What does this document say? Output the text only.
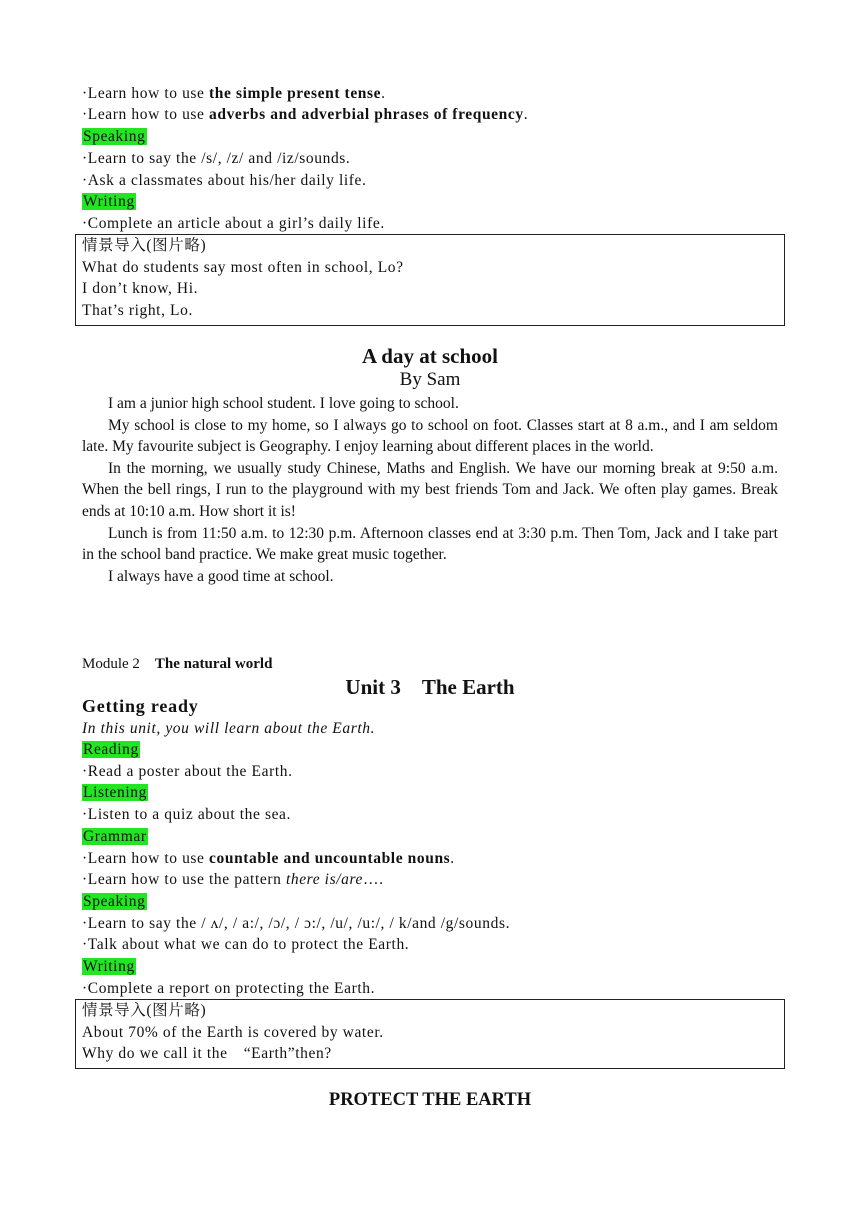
·Learn how to use the simple present tense.
·Learn how to use adverbs and adverbial phrases of frequency.
Speaking
·Learn to say the /s/, /z/ and /iz/sounds.
·Ask a classmates about his/her daily life.
Writing
·Complete an article about a girl’s daily life.
情景导入(图片略)
What do students say most often in school, Lo?
I don’t know, Hi.
That’s right, Lo.
A day at school
By Sam

I am a junior high school student. I love going to school.

My school is close to my home, so I always go to school on foot. Classes start at 8 a.m., and I am seldom late. My favourite subject is Geography. I enjoy learning about different places in the world.

In the morning, we usually study Chinese, Maths and English. We have our morning break at 9:50 a.m. When the bell rings, I run to the playground with my best friends Tom and Jack. We often play games. Break ends at 10:10 a.m. How short it is!

Lunch is from 11:50 a.m. to 12:30 p.m. Afternoon classes end at 3:30 p.m. Then Tom, Jack and I take part in the school band practice. We make great music together.

I always have a good time at school.

Module 2 The natural world
Unit 3　The Earth
Getting ready
In this unit, you will learn about the Earth.
Reading
·Read a poster about the Earth.
Listening
·Listen to a quiz about the sea.
Grammar
·Learn how to use countable and uncountable nouns.
·Learn how to use the pattern there is/are….
Speaking
·Learn to say the / ʌ/, / a:/, /ɔ/, / ɔ:/, /u/, /u:/, / k/and /g/sounds.
·Talk about what we can do to protect the Earth.
Writing
·Complete a report on protecting the Earth.
情景导入(图片略)
About 70% of the Earth is covered by water.
Why do we call it the　“Earth”then?
PROTECT THE EARTH
